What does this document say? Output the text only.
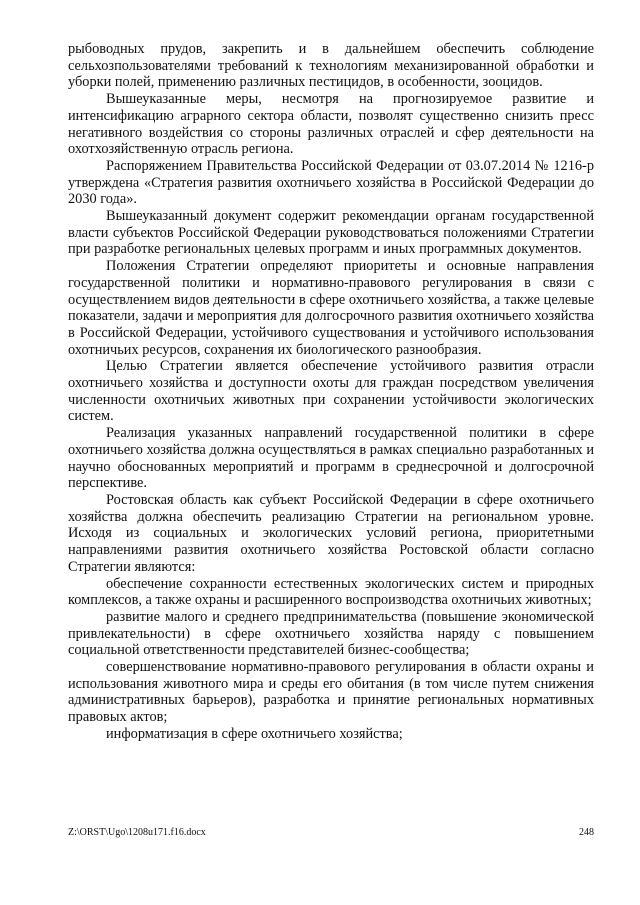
рыбоводных прудов, закрепить и в дальнейшем обеспечить соблюдение сельхозпользователями требований к технологиям механизированной обработки и уборки полей, применению различных пестицидов, в особенности, зооцидов.

Вышеуказанные меры, несмотря на прогнозируемое развитие и интенсификацию аграрного сектора области, позволят существенно снизить пресс негативного воздействия со стороны различных отраслей и сфер деятельности на охотхозяйственную отрасль региона.

Распоряжением Правительства Российской Федерации от 03.07.2014 № 1216-р утверждена «Стратегия развития охотничьего хозяйства в Российской Федерации до 2030 года».

Вышеуказанный документ содержит рекомендации органам государственной власти субъектов Российской Федерации руководствоваться положениями Стратегии при разработке региональных целевых программ и иных программных документов.

Положения Стратегии определяют приоритеты и основные направления государственной политики и нормативно-правового регулирования в связи с осуществлением видов деятельности в сфере охотничьего хозяйства, а также целевые показатели, задачи и мероприятия для долгосрочного развития охотничьего хозяйства в Российской Федерации, устойчивого существования и устойчивого использования охотничьих ресурсов, сохранения их биологического разнообразия.

Целью Стратегии является обеспечение устойчивого развития отрасли охотничьего хозяйства и доступности охоты для граждан посредством увеличения численности охотничьих животных при сохранении устойчивости экологических систем.

Реализация указанных направлений государственной политики в сфере охотничьего хозяйства должна осуществляться в рамках специально разработанных и научно обоснованных мероприятий и программ в среднесрочной и долгосрочной перспективе.

Ростовская область как субъект Российской Федерации в сфере охотничьего хозяйства должна обеспечить реализацию Стратегии на региональном уровне. Исходя из социальных и экологических условий региона, приоритетными направлениями развития охотничьего хозяйства Ростовской области согласно Стратегии являются:

обеспечение сохранности естественных экологических систем и природных комплексов, а также охраны и расширенного воспроизводства охотничьих животных;

развитие малого и среднего предпринимательства (повышение экономической привлекательности) в сфере охотничьего хозяйства наряду с повышением социальной ответственности представителей бизнес-сообщества;

совершенствование нормативно-правового регулирования в области охраны и использования животного мира и среды его обитания (в том числе путем снижения административных барьеров), разработка и принятие региональных нормативных правовых актов;

информатизация в сфере охотничьего хозяйства;

Z:\ORST\Ugo\1208u171.f16.docx	248
